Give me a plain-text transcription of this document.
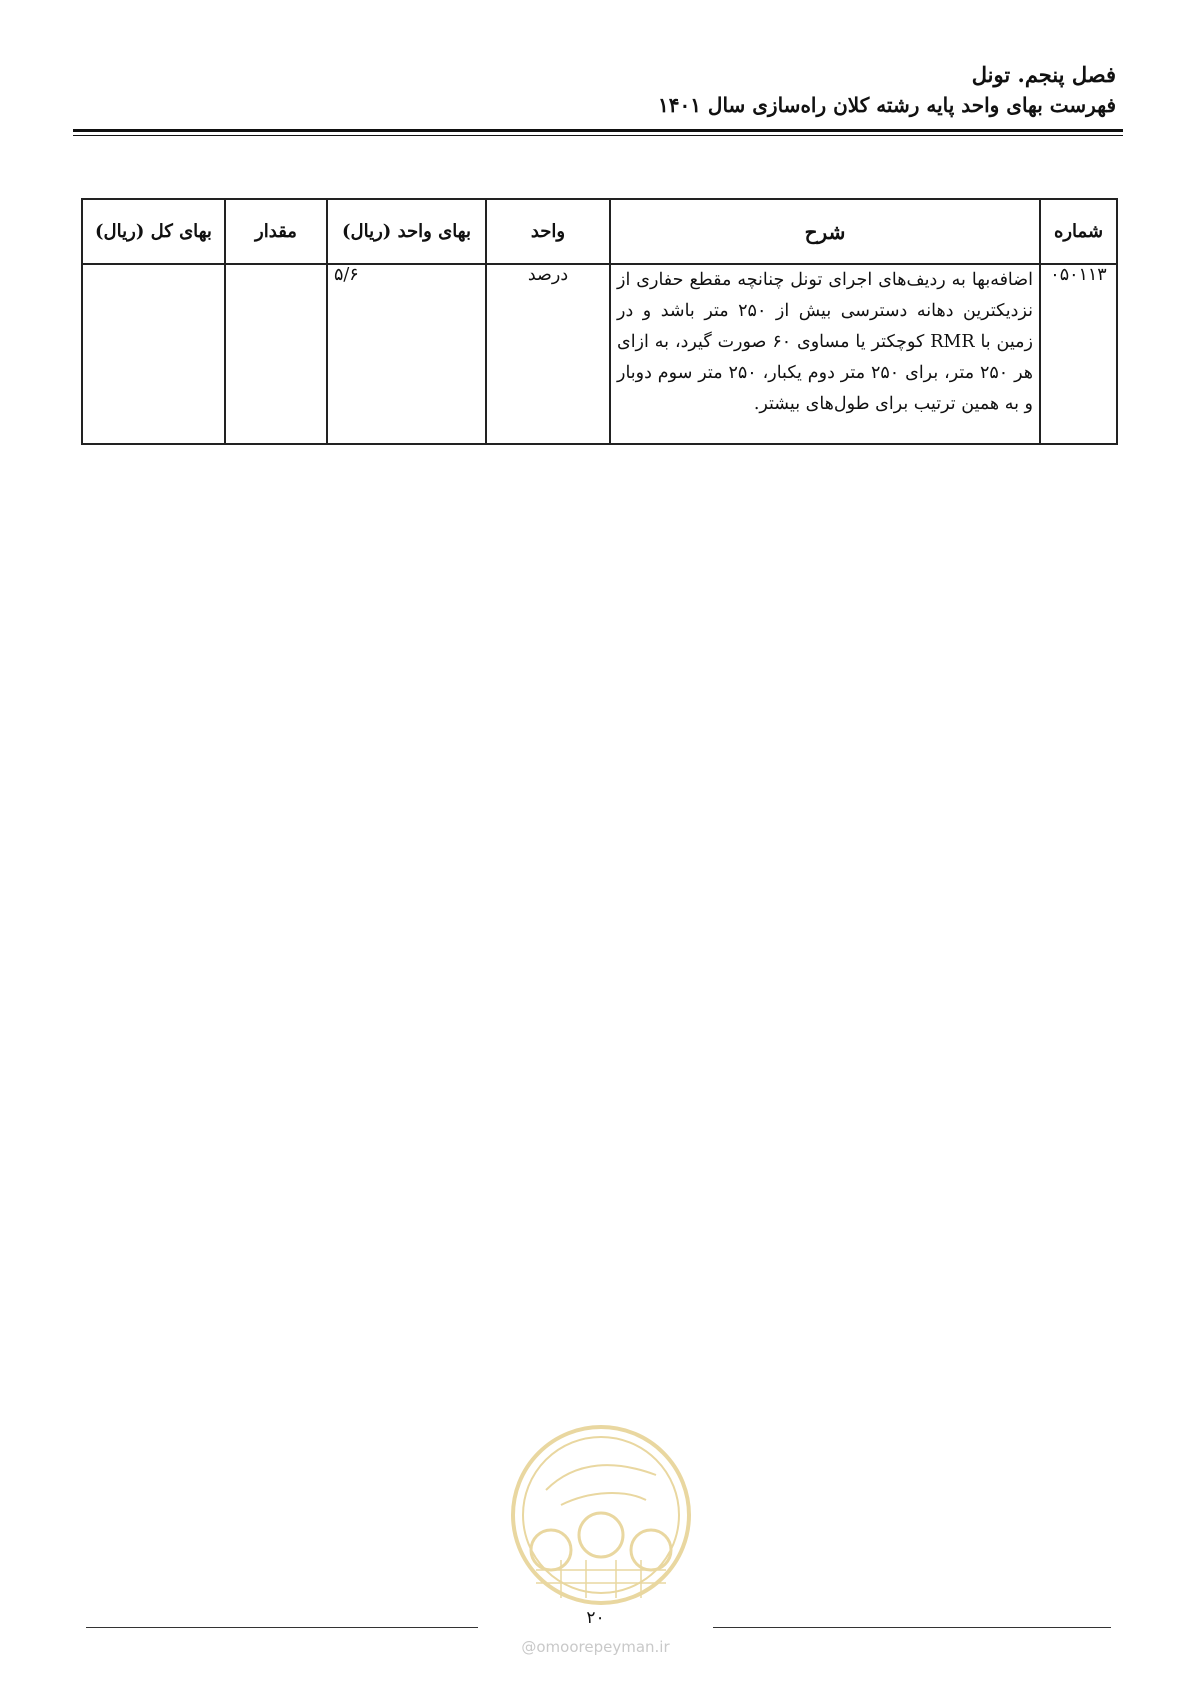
فصل پنجم. تونل
فهرست بهای واحد پایه رشته کلان راه‌سازی سال ۱۴۰۱
شماره	شرح	واحد	بهای واحد (ریال)	مقدار	بهای کل (ریال)
۰۵۰۱۱۳	اضافه‌بها به ردیف‌های اجرای تونل چنانچه مقطع حفاری از نزدیکترین دهانه دسترسی بیش از ۲۵۰ متر باشد و در زمین با RMR کوچکتر یا مساوی ۶۰ صورت گیرد، به ازای هر ۲۵۰ متر، برای ۲۵۰ متر دوم یکبار، ۲۵۰ متر سوم دوبار و به همین ترتیب برای طول‌های بیشتر.	درصد	۵/۶		
۲۰
@omoorepeyman.ir
